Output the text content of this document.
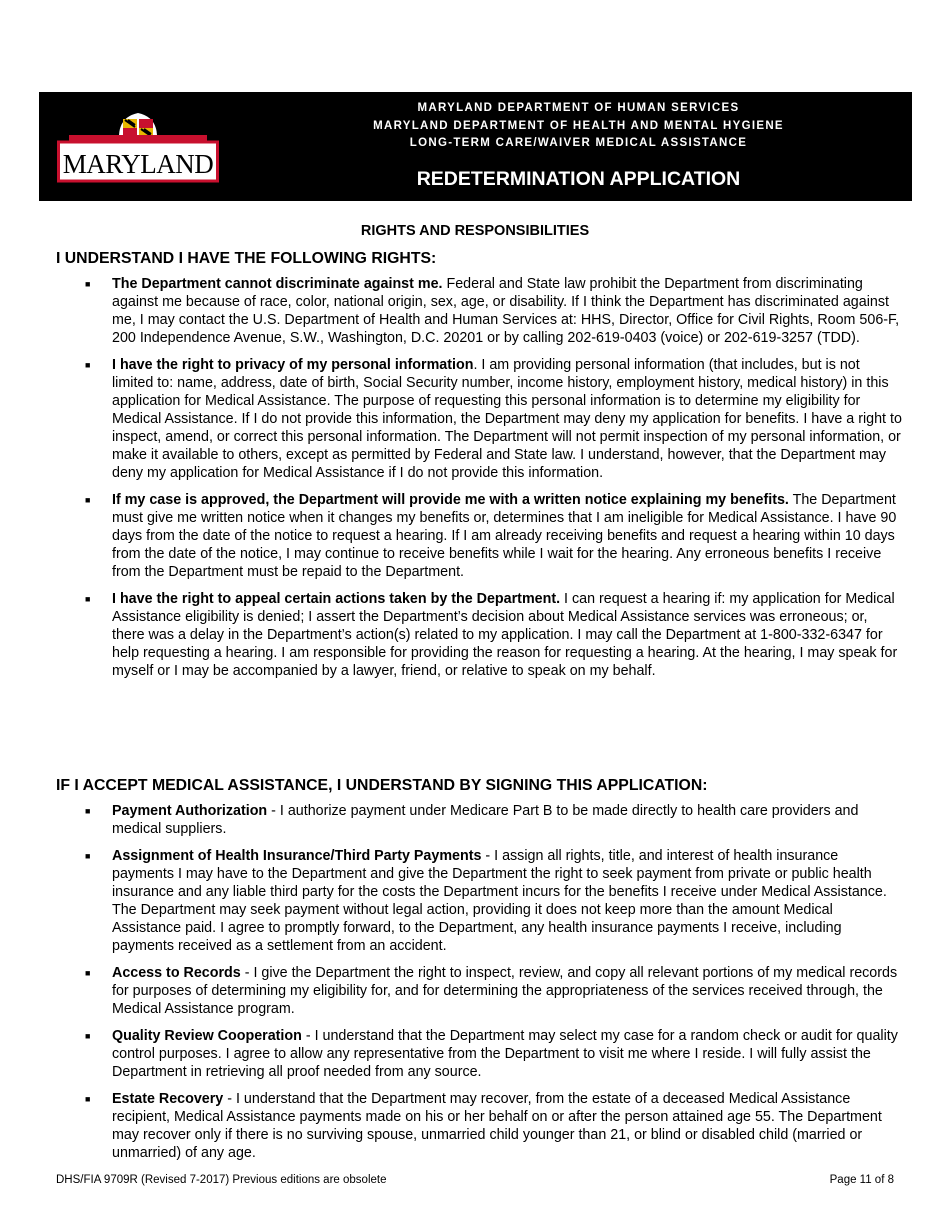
MARYLAND
MARYLAND DEPARTMENT OF HUMAN SERVICES
MARYLAND DEPARTMENT OF HEALTH AND MENTAL HYGIENE
LONG-TERM CARE/WAIVER MEDICAL ASSISTANCE
REDETERMINATION APPLICATION
RIGHTS AND RESPONSIBILITIES
I UNDERSTAND I HAVE THE FOLLOWING RIGHTS:
■ The Department cannot discriminate against me. Federal and State law prohibit the Department from discriminating against me because of race, color, national origin, sex, age, or disability. If I think the Department has discriminated against me, I may contact the U.S. Department of Health and Human Services at: HHS, Director, Office for Civil Rights, Room 506-F, 200 Independence Avenue, S.W., Washington, D.C. 20201 or by calling 202-619-0403 (voice) or 202-619-3257 (TDD).
■ I have the right to privacy of my personal information. I am providing personal information (that includes, but is not limited to: name, address, date of birth, Social Security number, income history, employment history, medical history) in this application for Medical Assistance. The purpose of requesting this personal information is to determine my eligibility for Medical Assistance. If I do not provide this information, the Department may deny my application for benefits. I have a right to inspect, amend, or correct this personal information. The Department will not permit inspection of my personal information, or make it available to others, except as permitted by Federal and State law. I understand, however, that the Department may deny my application for Medical Assistance if I do not provide this information.
■ If my case is approved, the Department will provide me with a written notice explaining my benefits. The Department must give me written notice when it changes my benefits or, determines that I am ineligible for Medical Assistance. I have 90 days from the date of the notice to request a hearing. If I am already receiving benefits and request a hearing within 10 days from the date of the notice, I may continue to receive benefits while I wait for the hearing. Any erroneous benefits I receive from the Department must be repaid to the Department.
■ I have the right to appeal certain actions taken by the Department. I can request a hearing if: my application for Medical Assistance eligibility is denied; I assert the Department’s decision about Medical Assistance services was erroneous; or, there was a delay in the Department’s action(s) related to my application. I may call the Department at 1-800-332-6347 for help requesting a hearing. I am responsible for providing the reason for requesting a hearing. At the hearing, I may speak for myself or I may be accompanied by a lawyer, friend, or relative to speak on my behalf.
IF I ACCEPT MEDICAL ASSISTANCE, I UNDERSTAND BY SIGNING THIS APPLICATION:
■ Payment Authorization - I authorize payment under Medicare Part B to be made directly to health care providers and medical suppliers.
■ Assignment of Health Insurance/Third Party Payments - I assign all rights, title, and interest of health insurance payments I may have to the Department and give the Department the right to seek payment from private or public health insurance and any liable third party for the costs the Department incurs for the benefits I receive under Medical Assistance. The Department may seek payment without legal action, providing it does not keep more than the amount Medical Assistance paid. I agree to promptly forward, to the Department, any health insurance payments I receive, including payments received as a settlement from an accident.
■ Access to Records - I give the Department the right to inspect, review, and copy all relevant portions of my medical records for purposes of determining my eligibility for, and for determining the appropriateness of the services received through, the Medical Assistance program.
■ Quality Review Cooperation - I understand that the Department may select my case for a random check or audit for quality control purposes. I agree to allow any representative from the Department to visit me where I reside. I will fully assist the Department in retrieving all proof needed from any source.
■ Estate Recovery - I understand that the Department may recover, from the estate of a deceased Medical Assistance recipient, Medical Assistance payments made on his or her behalf on or after the person attained age 55. The Department may recover only if there is no surviving spouse, unmarried child younger than 21, or blind or disabled child (married or unmarried) of any age.
DHS/FIA 9709R (Revised 7-2017) Previous editions are obsolete	Page 11 of 8
